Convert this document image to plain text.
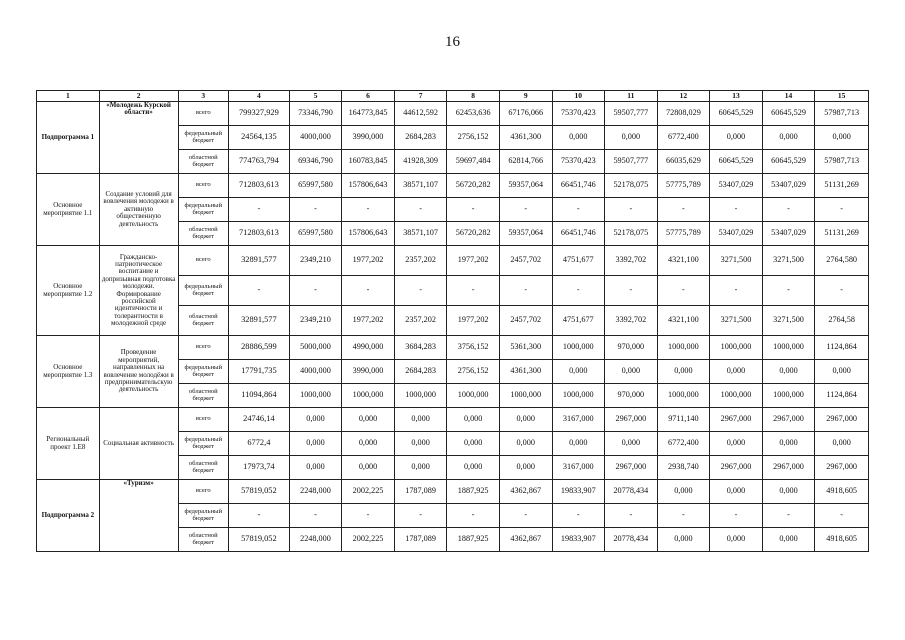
16
1	2	3	4	5	6	7	8	9	10	11	12	13	14	15

Подпрограмма 1	«Молодежь Курской области»	всего	799327,929	73346,790	164773,845	44612,592	62453,636	67176,066	75370,423	59507,777	72808,029	60645,529	60645,529	57987,713
		федеральный бюджет	24564,135	4000,000	3990,000	2684,283	2756,152	4361,300	0,000	0,000	6772,400	0,000	0,000	0,000
		областной бюджет	774763,794	69346,790	160783,845	41928,309	59697,484	62814,766	75370,423	59507,777	66035,629	60645,529	60645,529	57987,713

Основное мероприятие 1.1	Создание условий для вовлечения молодежи в активную общественную деятельность	всего	712803,613	65997,580	157806,643	38571,107	56720,282	59357,064	66451,746	52178,075	57775,789	53407,029	53407,029	51131,269
		федеральный бюджет	-	-	-	-	-	-	-	-	-	-	-	-
		областной бюджет	712803,613	65997,580	157806,643	38571,107	56720,282	59357,064	66451,746	52178,075	57775,789	53407,029	53407,029	51131,269

Основное мероприятие 1.2	Гражданско-патриотическое воспитание и допризывная подготовка молодежи. Формирование российской идентичности и толерантности в молодежной среде	всего	32891,577	2349,210	1977,202	2357,202	1977,202	2457,702	4751,677	3392,702	4321,100	3271,500	3271,500	2764,580
		федеральный бюджет	-	-	-	-	-	-	-	-	-	-	-	-
		областной бюджет	32891,577	2349,210	1977,202	2357,202	1977,202	2457,702	4751,677	3392,702	4321,100	3271,500	3271,500	2764,58

Основное мероприятие 1.3	Проведение мероприятий, направленных на вовлечение молодёжи в предпринимательскую деятельность	всего	28886,599	5000,000	4990,000	3684,283	3756,152	5361,300	1000,000	970,000	1000,000	1000,000	1000,000	1124,864
		федеральный бюджет	17791,735	4000,000	3990,000	2684,283	2756,152	4361,300	0,000	0,000	0,000	0,000	0,000	0,000
		областной бюджет	11094,864	1000,000	1000,000	1000,000	1000,000	1000,000	1000,000	970,000	1000,000	1000,000	1000,000	1124,864

Региональный проект 1.Е8	Социальная активность	всего	24746,14	0,000	0,000	0,000	0,000	0,000	3167,000	2967,000	9711,140	2967,000	2967,000	2967,000
		федеральный бюджет	6772,4	0,000	0,000	0,000	0,000	0,000	0,000	0,000	6772,400	0,000	0,000	0,000
		областной бюджет	17973,74	0,000	0,000	0,000	0,000	0,000	3167,000	2967,000	2938,740	2967,000	2967,000	2967,000

Подпрограмма 2	«Туризм»	всего	57819,052	2248,000	2002,225	1787,089	1887,925	4362,867	19833,907	20778,434	0,000	0,000	0,000	4918,605
		федеральный бюджет	-	-	-	-	-	-	-	-	-	-	-	-
		областной бюджет	57819,052	2248,000	2002,225	1787,089	1887,925	4362,867	19833,907	20778,434	0,000	0,000	0,000	4918,605
